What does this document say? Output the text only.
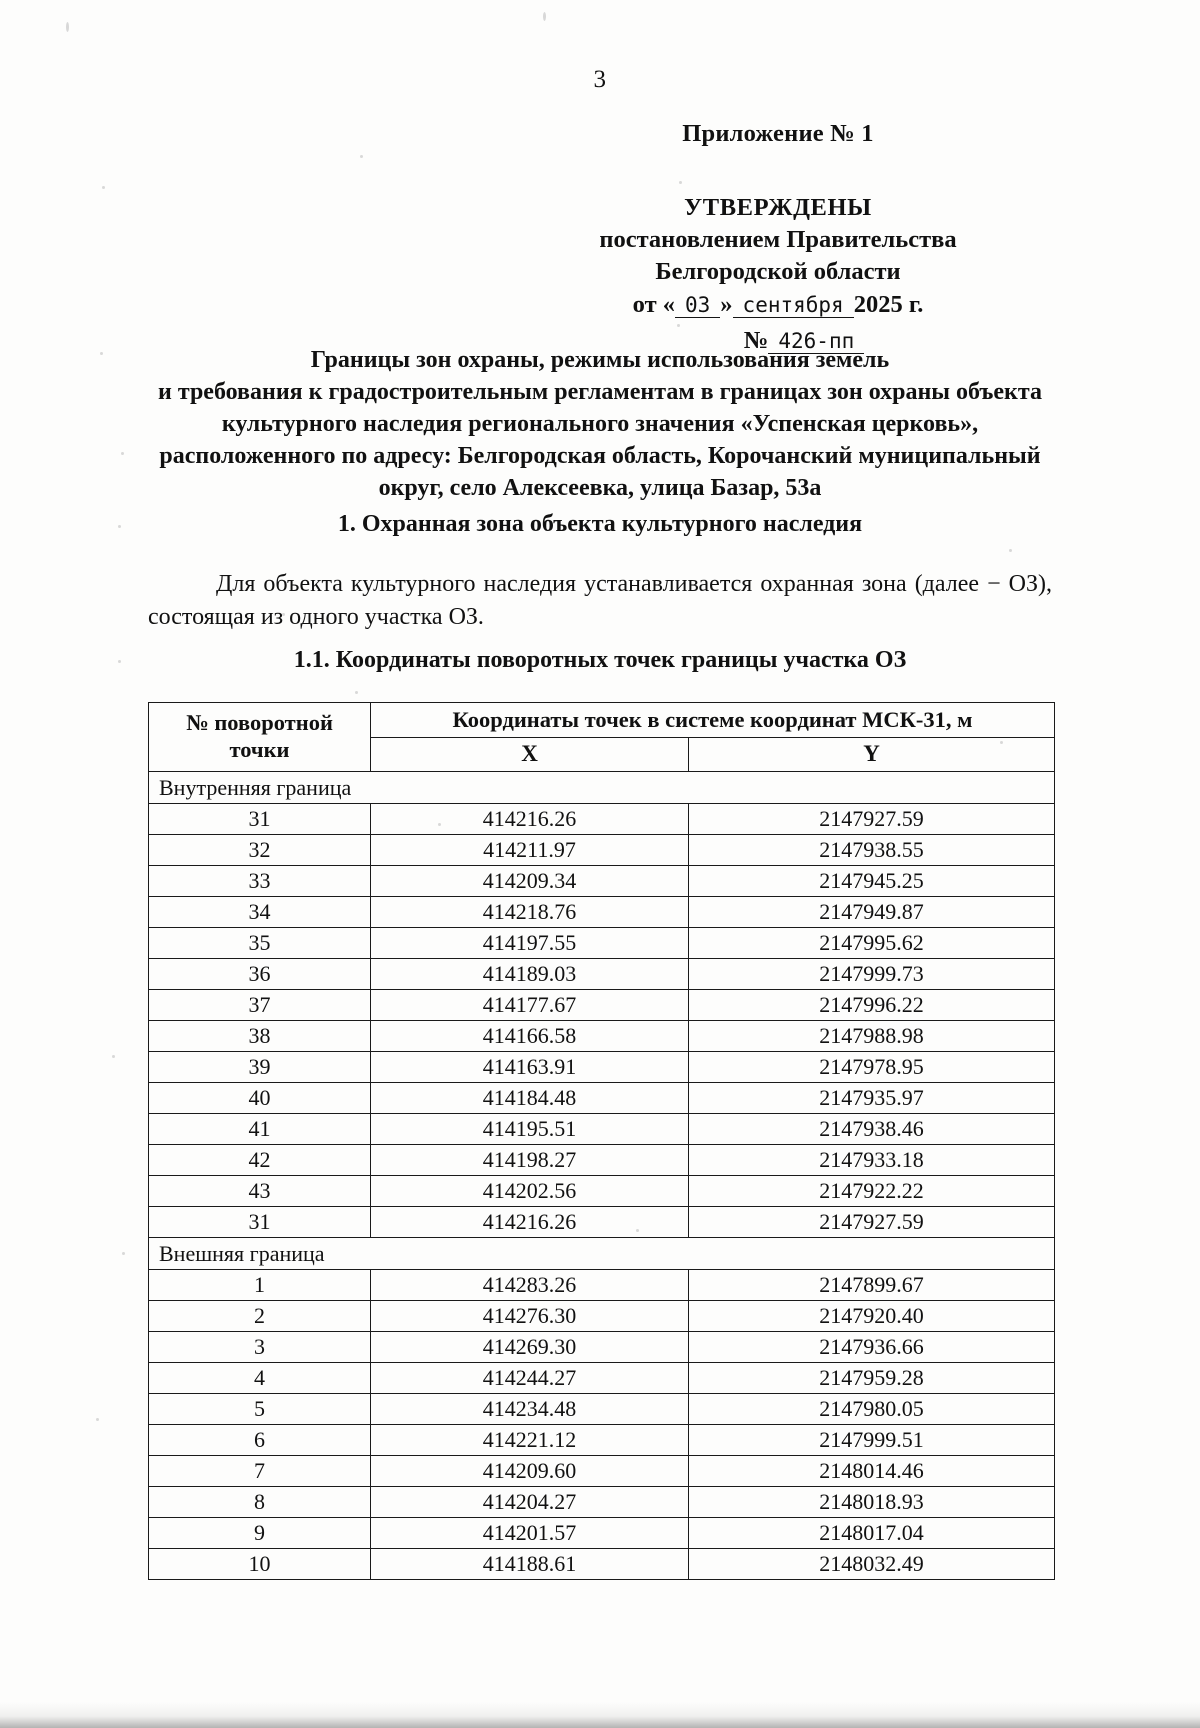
3
Приложение № 1
УТВЕРЖДЕНЫ
постановлением Правительства
Белгородской области
от « 03 » сентября 2025 г.
№ 426-пп
Границы зон охраны, режимы использования земель
и требования к градостроительным регламентам в границах зон охраны объекта
культурного наследия регионального значения «Успенская церковь»,
расположенного по адресу: Белгородская область, Корочанский муниципальный
округ, село Алексеевка, улица Базар, 53а
1. Охранная зона объекта культурного наследия
Для объекта культурного наследия устанавливается охранная зона (далее − ОЗ), состоящая из одного участка ОЗ.
1.1. Координаты поворотных точек границы участка ОЗ
№ поворотной
точки	Координаты точек в системе координат МСК-31, м	
	X	Y
Внутренняя граница		
31	414216.26	2147927.59
32	414211.97	2147938.55
33	414209.34	2147945.25
34	414218.76	2147949.87
35	414197.55	2147995.62
36	414189.03	2147999.73
37	414177.67	2147996.22
38	414166.58	2147988.98
39	414163.91	2147978.95
40	414184.48	2147935.97
41	414195.51	2147938.46
42	414198.27	2147933.18
43	414202.56	2147922.22
31	414216.26	2147927.59
Внешняя граница		
1	414283.26	2147899.67
2	414276.30	2147920.40
3	414269.30	2147936.66
4	414244.27	2147959.28
5	414234.48	2147980.05
6	414221.12	2147999.51
7	414209.60	2148014.46
8	414204.27	2148018.93
9	414201.57	2148017.04
10	414188.61	2148032.49
